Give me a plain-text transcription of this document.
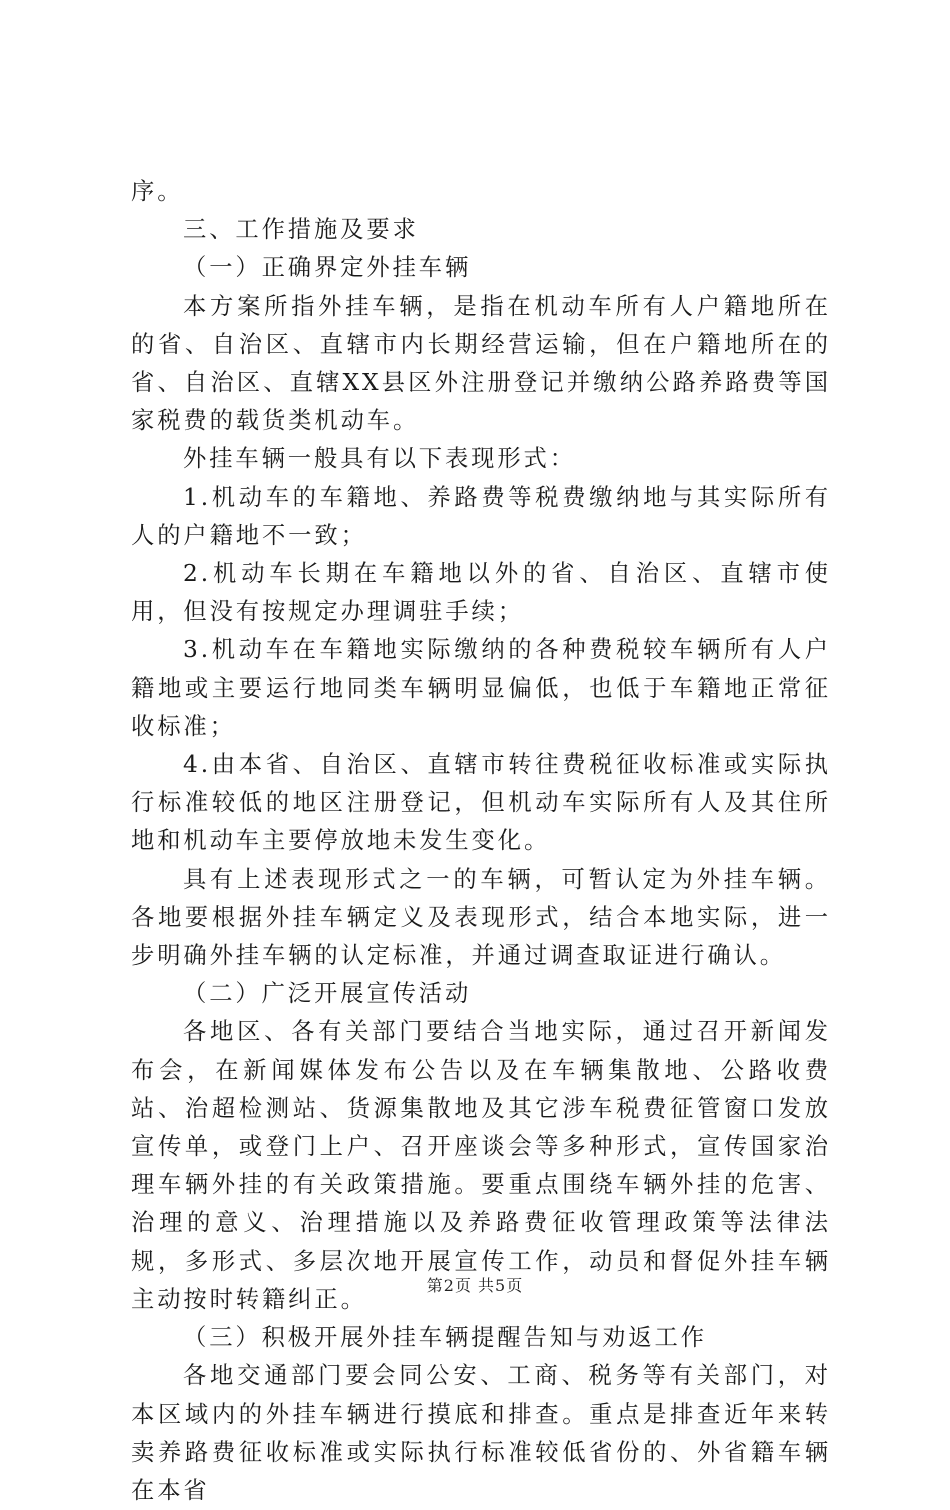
序。

三、工作措施及要求

（一）正确界定外挂车辆

本方案所指外挂车辆，是指在机动车所有人户籍地所在的省、自治区、直辖市内长期经营运输，但在户籍地所在的省、自治区、直辖XX县区外注册登记并缴纳公路养路费等国家税费的载货类机动车。

外挂车辆一般具有以下表现形式：

1.机动车的车籍地、养路费等税费缴纳地与其实际所有人的户籍地不一致；

2.机动车长期在车籍地以外的省、自治区、直辖市使用，但没有按规定办理调驻手续；

3.机动车在车籍地实际缴纳的各种费税较车辆所有人户籍地或主要运行地同类车辆明显偏低，也低于车籍地正常征收标准；

4.由本省、自治区、直辖市转往费税征收标准或实际执行标准较低的地区注册登记，但机动车实际所有人及其住所地和机动车主要停放地未发生变化。

具有上述表现形式之一的车辆，可暂认定为外挂车辆。各地要根据外挂车辆定义及表现形式，结合本地实际，进一步明确外挂车辆的认定标准，并通过调查取证进行确认。

（二）广泛开展宣传活动

各地区、各有关部门要结合当地实际，通过召开新闻发布会，在新闻媒体发布公告以及在车辆集散地、公路收费站、治超检测站、货源集散地及其它涉车税费征管窗口发放宣传单，或登门上户、召开座谈会等多种形式，宣传国家治理车辆外挂的有关政策措施。要重点围绕车辆外挂的危害、治理的意义、治理措施以及养路费征收管理政策等法律法规，多形式、多层次地开展宣传工作，动员和督促外挂车辆主动按时转籍纠正。

（三）积极开展外挂车辆提醒告知与劝返工作

各地交通部门要会同公安、工商、税务等有关部门，对本区域内的外挂车辆进行摸底和排查。重点是排查近年来转卖养路费征收标准或实际执行标准较低省份的、外省籍车辆在本省

第2页 共5页
